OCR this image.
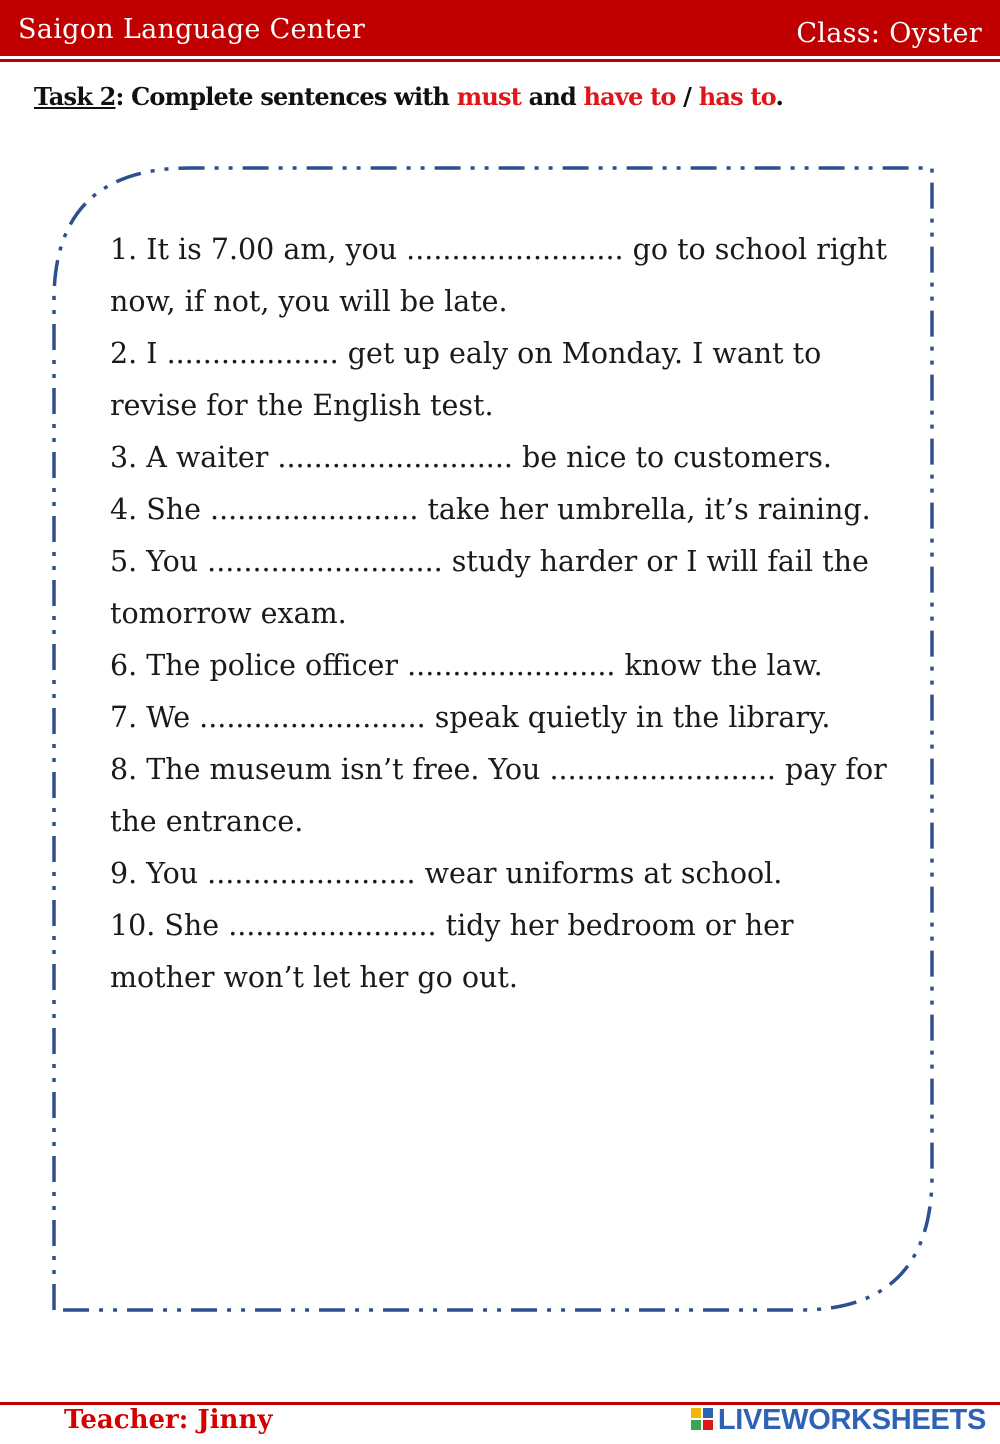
Saigon Language Center	Class: Oyster
Task 2: Complete sentences with must and have to / has to.

1. It is 7.00 am, you ........................ go to school right now, if not, you will be late.

2. I ................... get up ealy on Monday. I want to revise for the English test.

3. A waiter .......................... be nice to customers.

4. She ....................... take her umbrella, it’s raining.

5. You .......................... study harder or I will fail the tomorrow exam.

6. The police officer ....................... know the law.

7. We ......................... speak quietly in the library.

8. The museum isn’t free. You ......................... pay for the entrance.

9. You ....................... wear uniforms at school.

10. She ....................... tidy her bedroom or her mother won’t let her go out.

Teacher: Jinny	LIVEWORKSHEETS
